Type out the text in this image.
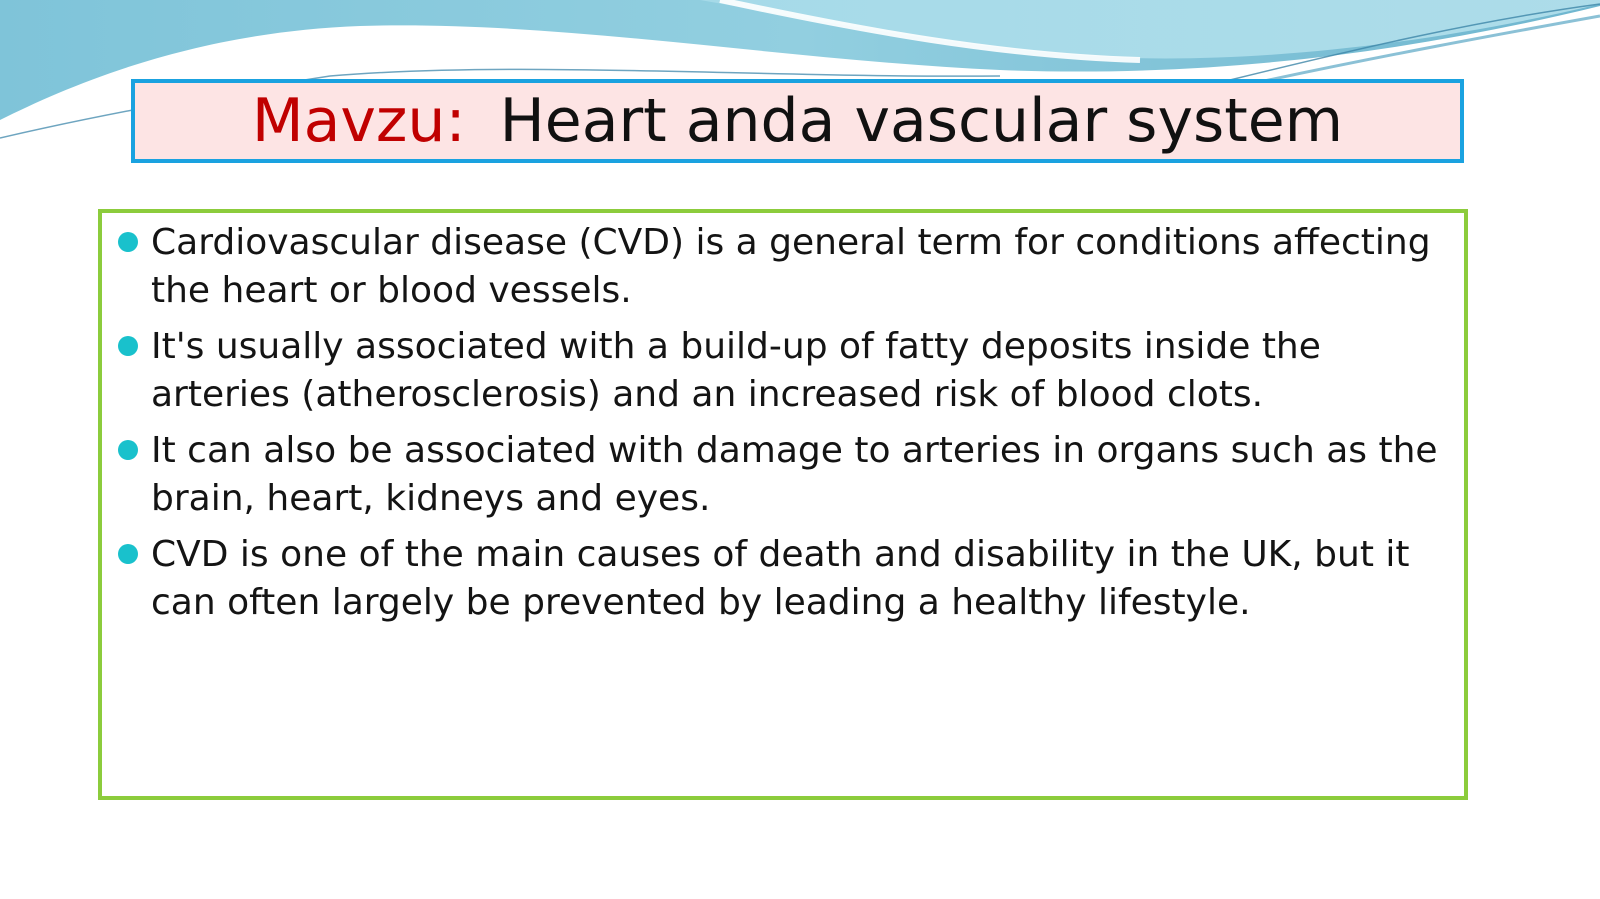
Mavzu: Heart anda vascular system
Cardiovascular disease (CVD) is a general term for conditions affecting the heart or blood vessels.
It's usually associated with a build-up of fatty deposits inside the arteries (atherosclerosis) and an increased risk of blood clots.
It can also be associated with damage to arteries in organs such as the brain, heart, kidneys and eyes.
CVD is one of the main causes of death and disability in the UK, but it can often largely be prevented by leading a healthy lifestyle.
